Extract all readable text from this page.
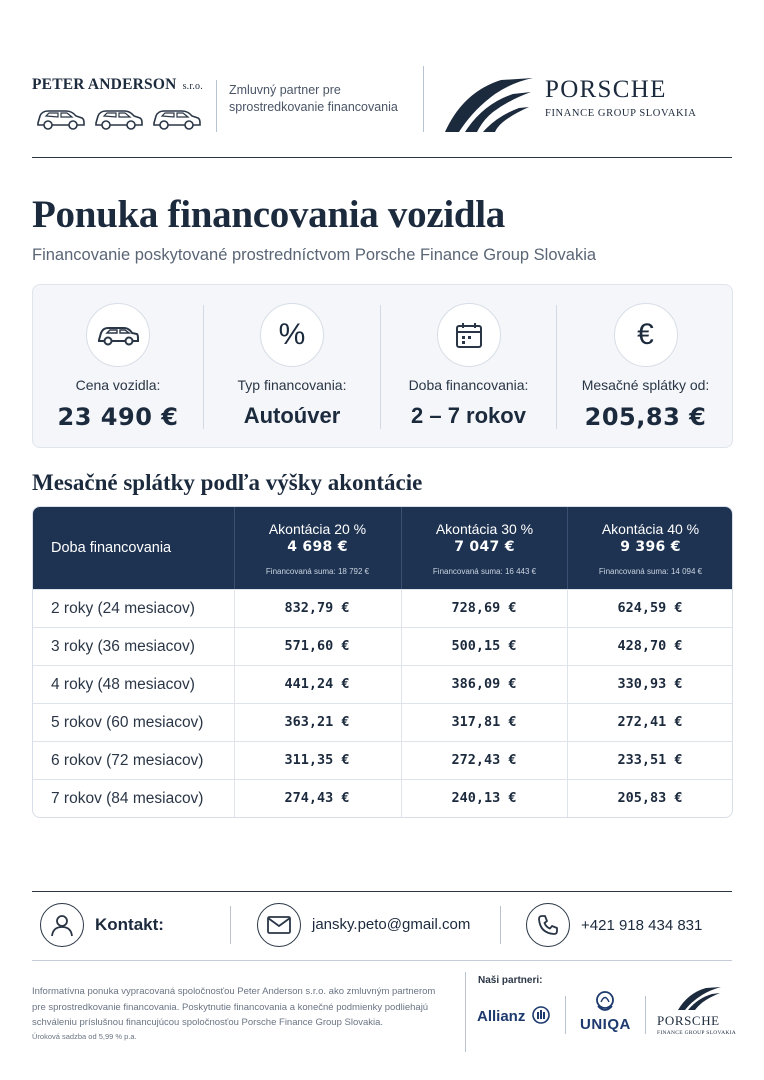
PETER ANDERSON s.r.o.	Zmluvný partner pre
sprostredkovanie financovania
PORSCHE
FINANCE GROUP SLOVAKIA
Ponuka financovania vozidla
Financovanie poskytované prostredníctvom Porsche Finance Group Slovakia
Cena vozidla:
23 490 €
%
Typ financovania:
Autoúver
Doba financovania:
2 – 7 rokov
€
Mesačné splátky od:
205,83 €
Mesačné splátky podľa výšky akontácie
Doba financovania
Akontácia 20 %
4 698 €
Financovaná suma: 18 792 €
Akontácia 30 %
7 047 €
Financovaná suma: 16 443 €
Akontácia 40 %
9 396 €
Financovaná suma: 14 094 €
2 roky (24 mesiacov)	832,79 €	728,69 €	624,59 €
3 roky (36 mesiacov)	571,60 €	500,15 €	428,70 €
4 roky (48 mesiacov)	441,24 €	386,09 €	330,93 €
5 rokov (60 mesiacov)	363,21 €	317,81 €	272,41 €
6 rokov (72 mesiacov)	311,35 €	272,43 €	233,51 €
7 rokov (84 mesiacov)	274,43 €	240,13 €	205,83 €
Kontakt:	jansky.peto@gmail.com	+421 918 434 831
Informatívna ponuka vypracovaná spoločnosťou Peter Anderson s.r.o. ako zmluvným partnerom
pre sprostredkovanie financovania. Poskytnutie financovania a konečné podmienky podliehajú
schváleniu príslušnou financujúcou spoločnosťou Porsche Finance Group Slovakia.
Úroková sadzba od 5,99 % p.a.
Naši partneri:
Allianz	UNIQA PORSCHE
FINANCE GROUP SLOVAKIA
